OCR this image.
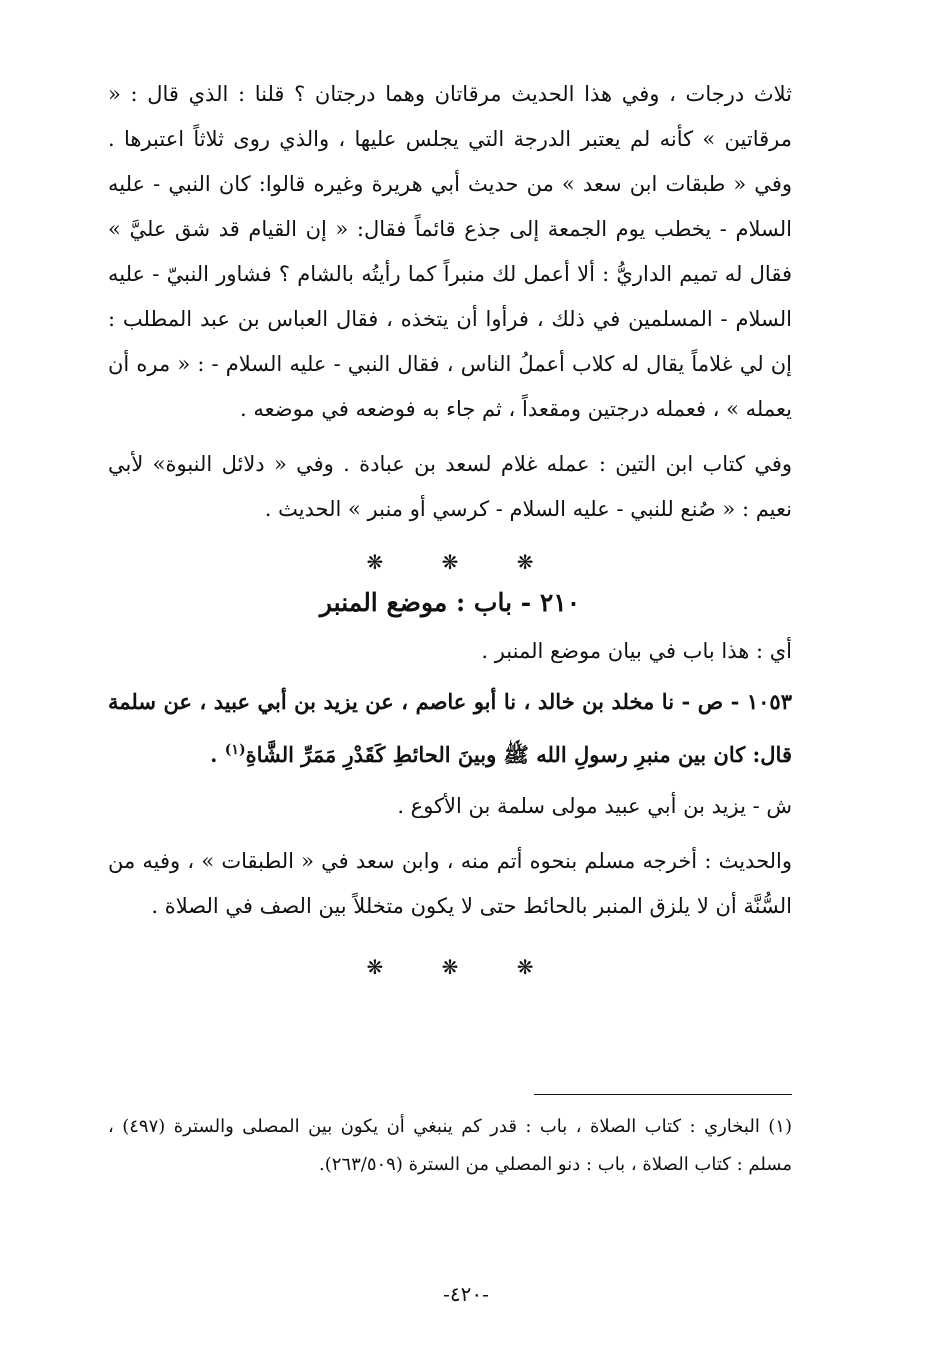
ثلاث درجات ، وفي هذا الحديث مرقاتان وهما درجتان ؟ قلنا : الذي قال : « مرقاتين » كأنه لم يعتبر الدرجة التي يجلس عليها ، والذي روى ثلاثاً اعتبرها . وفي « طبقات ابن سعد » من حديث أبي هريرة وغيره قالوا: كان النبي - عليه السلام - يخطب يوم الجمعة إلى جذع قائماً فقال: « إن القيام قد شق عليَّ » فقال له تميم الداريُّ : ألا أعمل لك منبراً كما رأيتُه بالشام ؟ فشاور النبيّ - عليه السلام - المسلمين في ذلك ، فرأوا أن يتخذه ، فقال العباس بن عبد المطلب : إن لي غلاماً يقال له كلاب أعملُ الناس ، فقال النبي - عليه السلام - : « مره أن يعمله » ، فعمله درجتين ومقعداً ، ثم جاء به فوضعه في موضعه .

وفي كتاب ابن التين : عمله غلام لسعد بن عبادة . وفي « دلائل النبوة» لأبي نعيم : « صُنع للنبي - عليه السلام - كرسي أو منبر » الحديث .

❋	❋	❋
٢١٠ - باب : موضع المنبر

أي : هذا باب في بيان موضع المنبر .

١٠٥٣ - ص - نا مخلد بن خالد ، نا أبو عاصم ، عن يزيد بن أبي عبيد ، عن سلمة قال: كان بين منبرِ رسولِ الله ﷺ وبينَ الحائطِ كَقَدْرِ مَمَرِّ الشَّاةِ$^{(١)}$ .

ش - يزيد بن أبي عبيد مولى سلمة بن الأكوع .

والحديث : أخرجه مسلم بنحوه أتم منه ، وابن سعد في « الطبقات » ، وفيه من السُّنَّة أن لا يلزق المنبر بالحائط حتى لا يكون متخللاً بين الصف في الصلاة .

❋	❋	❋

(١) البخاري : كتاب الصلاة ، باب : قدر كم ينبغي أن يكون بين المصلى والسترة (٤٩٧) ، مسلم : كتاب الصلاة ، باب : دنو المصلي من السترة (٢٦٣/٥٠٩).

-٤٢٠-
